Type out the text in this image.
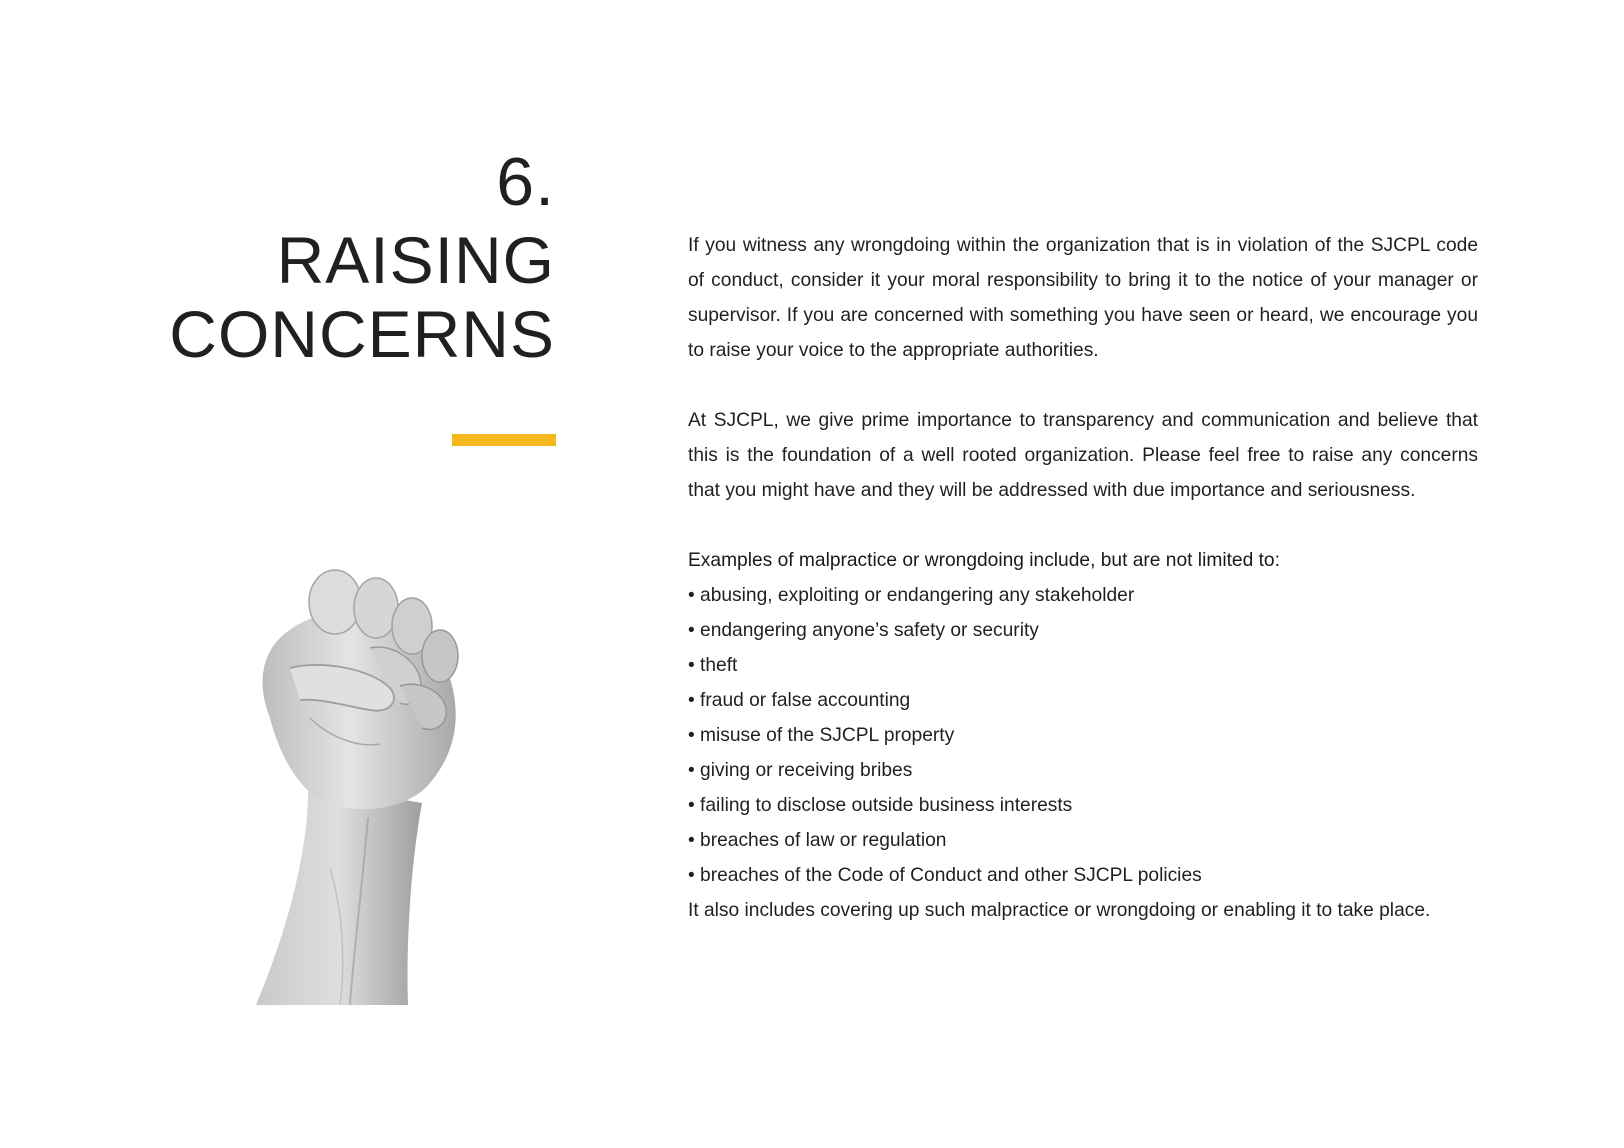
6.
RAISING
CONCERNS

If you witness any wrongdoing within the organization that is in violation of the SJCPL code of conduct, consider it your moral responsibility to bring it to the notice of your manager or supervisor. If you are concerned with something you have seen or heard, we encourage you to raise your voice to the appropriate authorities.

At SJCPL, we give prime importance to transparency and communication and believe that this is the foundation of a well rooted organization. Please feel free to raise any concerns that you might have and they will be addressed with due importance and seriousness.

Examples of malpractice or wrongdoing include, but are not limited to:

• abusing, exploiting or endangering any stakeholder
• endangering anyone’s safety or security
• theft
• fraud or false accounting
• misuse of the SJCPL property
• giving or receiving bribes
• failing to disclose outside business interests
• breaches of law or regulation
• breaches of the Code of Conduct and other SJCPL policies

It also includes covering up such malpractice or wrongdoing or enabling it to take place.
